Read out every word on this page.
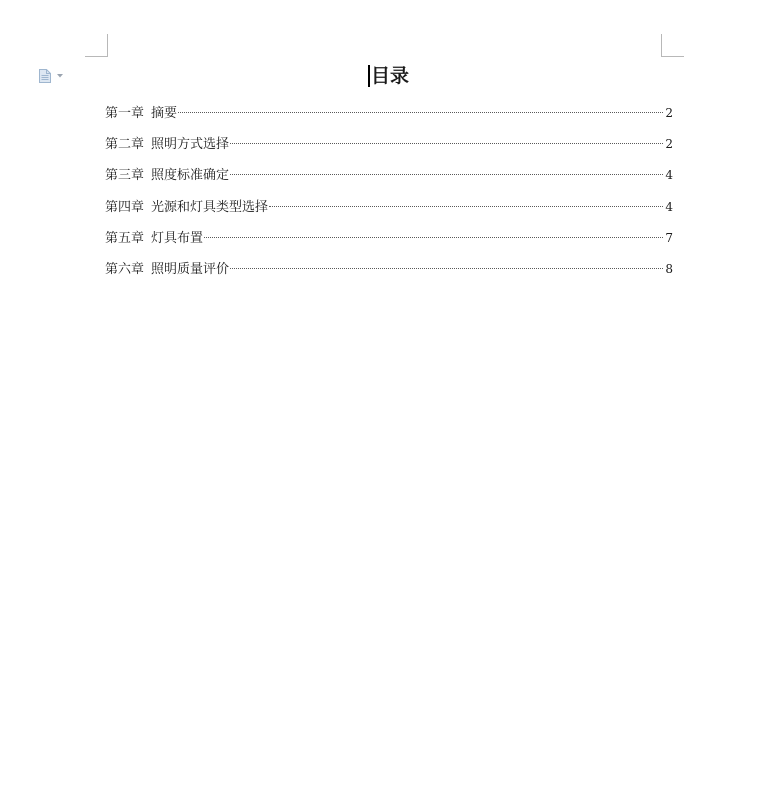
目录
第一章 摘要	2
第二章 照明方式选择	2
第三章 照度标准确定	4
第四章 光源和灯具类型选择	4
第五章 灯具布置	7
第六章 照明质量评价	8
